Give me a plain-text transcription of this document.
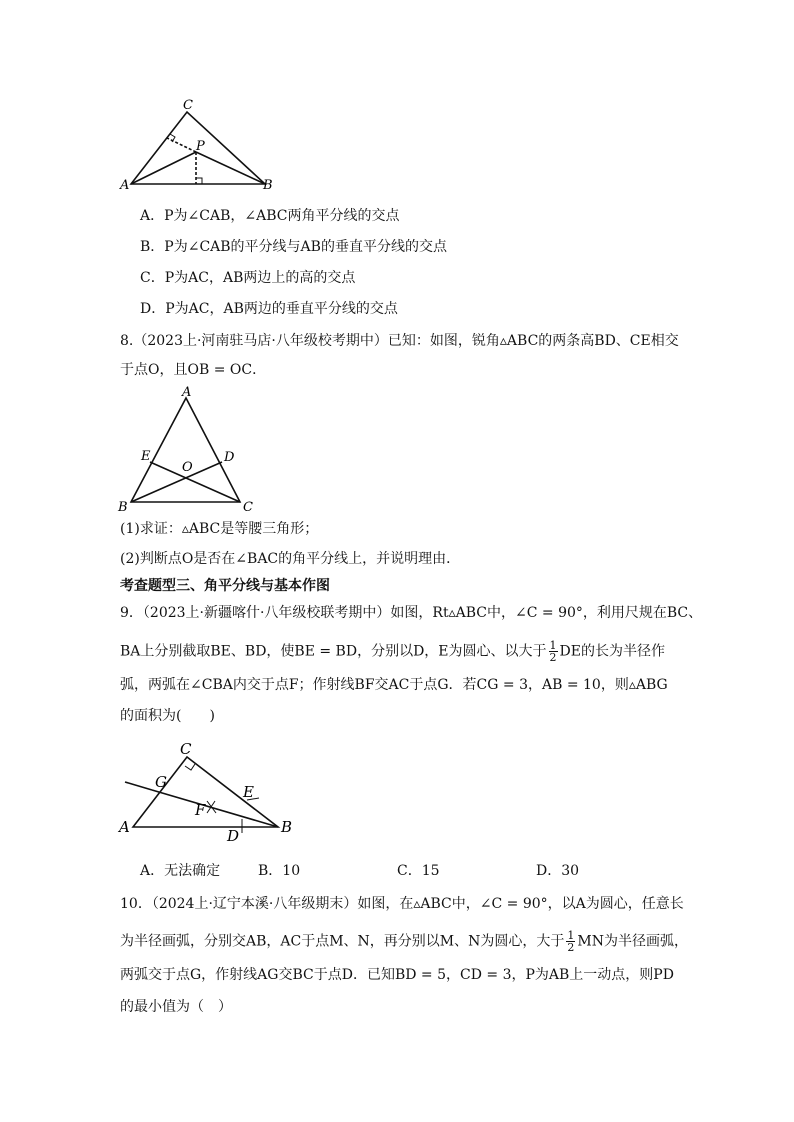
C
P
A	B
A．P为∠CAB，∠ABC两角平分线的交点
B．P为∠CAB的平分线与AB的垂直平分线的交点
C．P为AC，AB两边上的高的交点
D．P为AC，AB两边的垂直平分线的交点
8.（2023上·河南驻马店·八年级校考期中）已知：如图，锐角▵ABC的两条高BD、CE相交
于点O，且OB = OC．
A
E	D
O
B	C
(1)求证：▵ABC是等腰三角形；
(2)判断点O是否在∠BAC的角平分线上，并说明理由．
考查题型三、角平分线与基本作图
9．（2023上·新疆喀什·八年级校联考期中）如图，Rt▵ABC中，∠C = 90°，利用尺规在BC、
BA上分别截取BE、BD，使BE = BD，分别以D，E为圆心、以大于 $\frac{1}{2}$ DE的长为半径作
弧，两弧在∠CBA内交于点F；作射线BF交AC于点G．若CG = 3，AB = 10，则▵ABG
的面积为(　　)
C
G
E
F
A	D	B
A．无法确定	B．10	C．15	D．30
10．（2024上·辽宁本溪·八年级期末）如图，在▵ABC中，∠C = 90°，以A为圆心，任意长
为半径画弧，分别交AB，AC于点M、N，再分别以M、N为圆心，大于 $\frac{1}{2}$ MN为半径画弧，
两弧交于点G，作射线AG交BC于点D．已知BD = 5，CD = 3，P为AB上一动点，则PD
的最小值为（　）
